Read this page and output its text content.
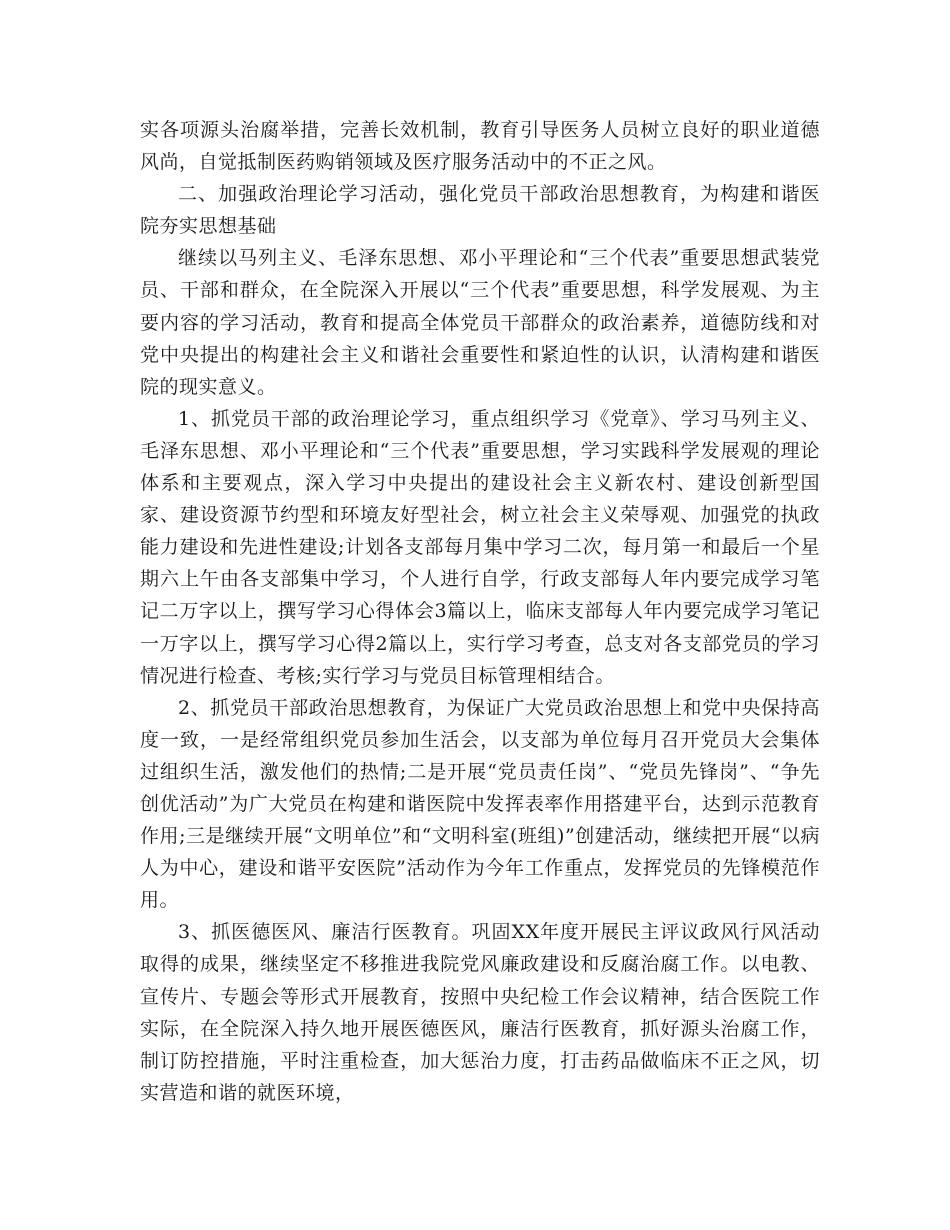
实各项源头治腐举措，完善长效机制，教育引导医务人员树立良好的职业道德风尚，自觉抵制医药购销领域及医疗服务活动中的不正之风。

二、加强政治理论学习活动，强化党员干部政治思想教育，为构建和谐医院夯实思想基础

继续以马列主义、毛泽东思想、邓小平理论和“三个代表”重要思想武装党员、干部和群众，在全院深入开展以“三个代表”重要思想，科学发展观、为主要内容的学习活动，教育和提高全体党员干部群众的政治素养，道德防线和对党中央提出的构建社会主义和谐社会重要性和紧迫性的认识，认清构建和谐医院的现实意义。

1、抓党员干部的政治理论学习，重点组织学习《党章》、学习马列主义、毛泽东思想、邓小平理论和“三个代表”重要思想，学习实践科学发展观的理论体系和主要观点，深入学习中央提出的建设社会主义新农村、建设创新型国家、建设资源节约型和环境友好型社会，树立社会主义荣辱观、加强党的执政能力建设和先进性建设;计划各支部每月集中学习二次，每月第一和最后一个星期六上午由各支部集中学习，个人进行自学，行政支部每人年内要完成学习笔记二万字以上，撰写学习心得体会3篇以上，临床支部每人年内要完成学习笔记一万字以上，撰写学习心得2篇以上，实行学习考查，总支对各支部党员的学习情况进行检查、考核;实行学习与党员目标管理相结合。

2、抓党员干部政治思想教育，为保证广大党员政治思想上和党中央保持高度一致，一是经常组织党员参加生活会，以支部为单位每月召开党员大会集体过组织生活，激发他们的热情;二是开展“党员责任岗”、“党员先锋岗”、“争先创优活动”为广大党员在构建和谐医院中发挥表率作用搭建平台，达到示范教育作用;三是继续开展“文明单位”和“文明科室(班组)”创建活动，继续把开展“以病人为中心，建设和谐平安医院”活动作为今年工作重点，发挥党员的先锋模范作用。

3、抓医德医风、廉洁行医教育。巩固XX年度开展民主评议政风行风活动取得的成果，继续坚定不移推进我院党风廉政建设和反腐治腐工作。以电教、宣传片、专题会等形式开展教育，按照中央纪检工作会议精神，结合医院工作实际，在全院深入持久地开展医德医风，廉洁行医教育，抓好源头治腐工作，制订防控措施，平时注重检查，加大惩治力度，打击药品做临床不正之风，切实营造和谐的就医环境，
